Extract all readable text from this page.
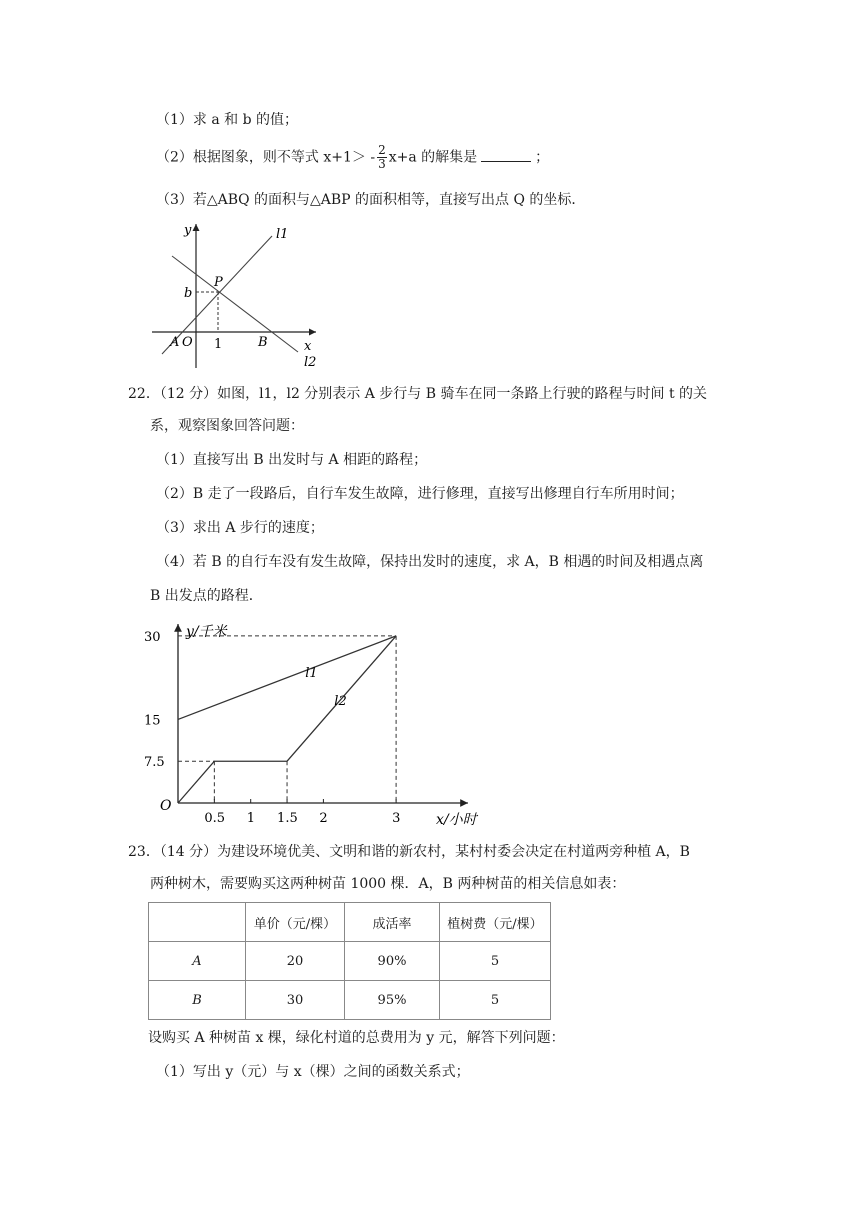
（1）求 a 和 b 的值；
（2）根据图象，则不等式 $x+1> - \frac{2}{3} x+a$ 的解集是	；
（3）若△ABQ 的面积与△ABP 的面积相等，直接写出点 Q 的坐标．
y
x
l1
l2
P
b
A O 1	B
22．（12 分）如图，l1，l2 分别表示 A 步行与 B 骑车在同一条路上行驶的路程与时间 t 的关
系，观察图象回答问题：
（1）直接写出 B 出发时与 A 相距的路程；
（2）B 走了一段路后，自行车发生故障，进行修理，直接写出修理自行车所用时间；
（3）求出 A 步行的速度；
（4）若 B 的自行车没有发生故障，保持出发时的速度，求 A，B 相遇的时间及相遇点离
B 出发点的路程．
y/千米
x/小时
O
30
15
7.5
0.5 1 1.5 2	3
l1
l2
23．（14 分）为建设环境优美、文明和谐的新农村，某村村委会决定在村道两旁种植 A，B
两种树木，需要购买这两种树苗 1000 棵．A，B 两种树苗的相关信息如表：
	单价（元/棵）	成活率	植树费（元/棵）
A	20	90%	5
B	30	95%	5
设购买 A 种树苗 x 棵，绿化村道的总费用为 y 元，解答下列问题：
（1）写出 y（元）与 x（棵）之间的函数关系式；
